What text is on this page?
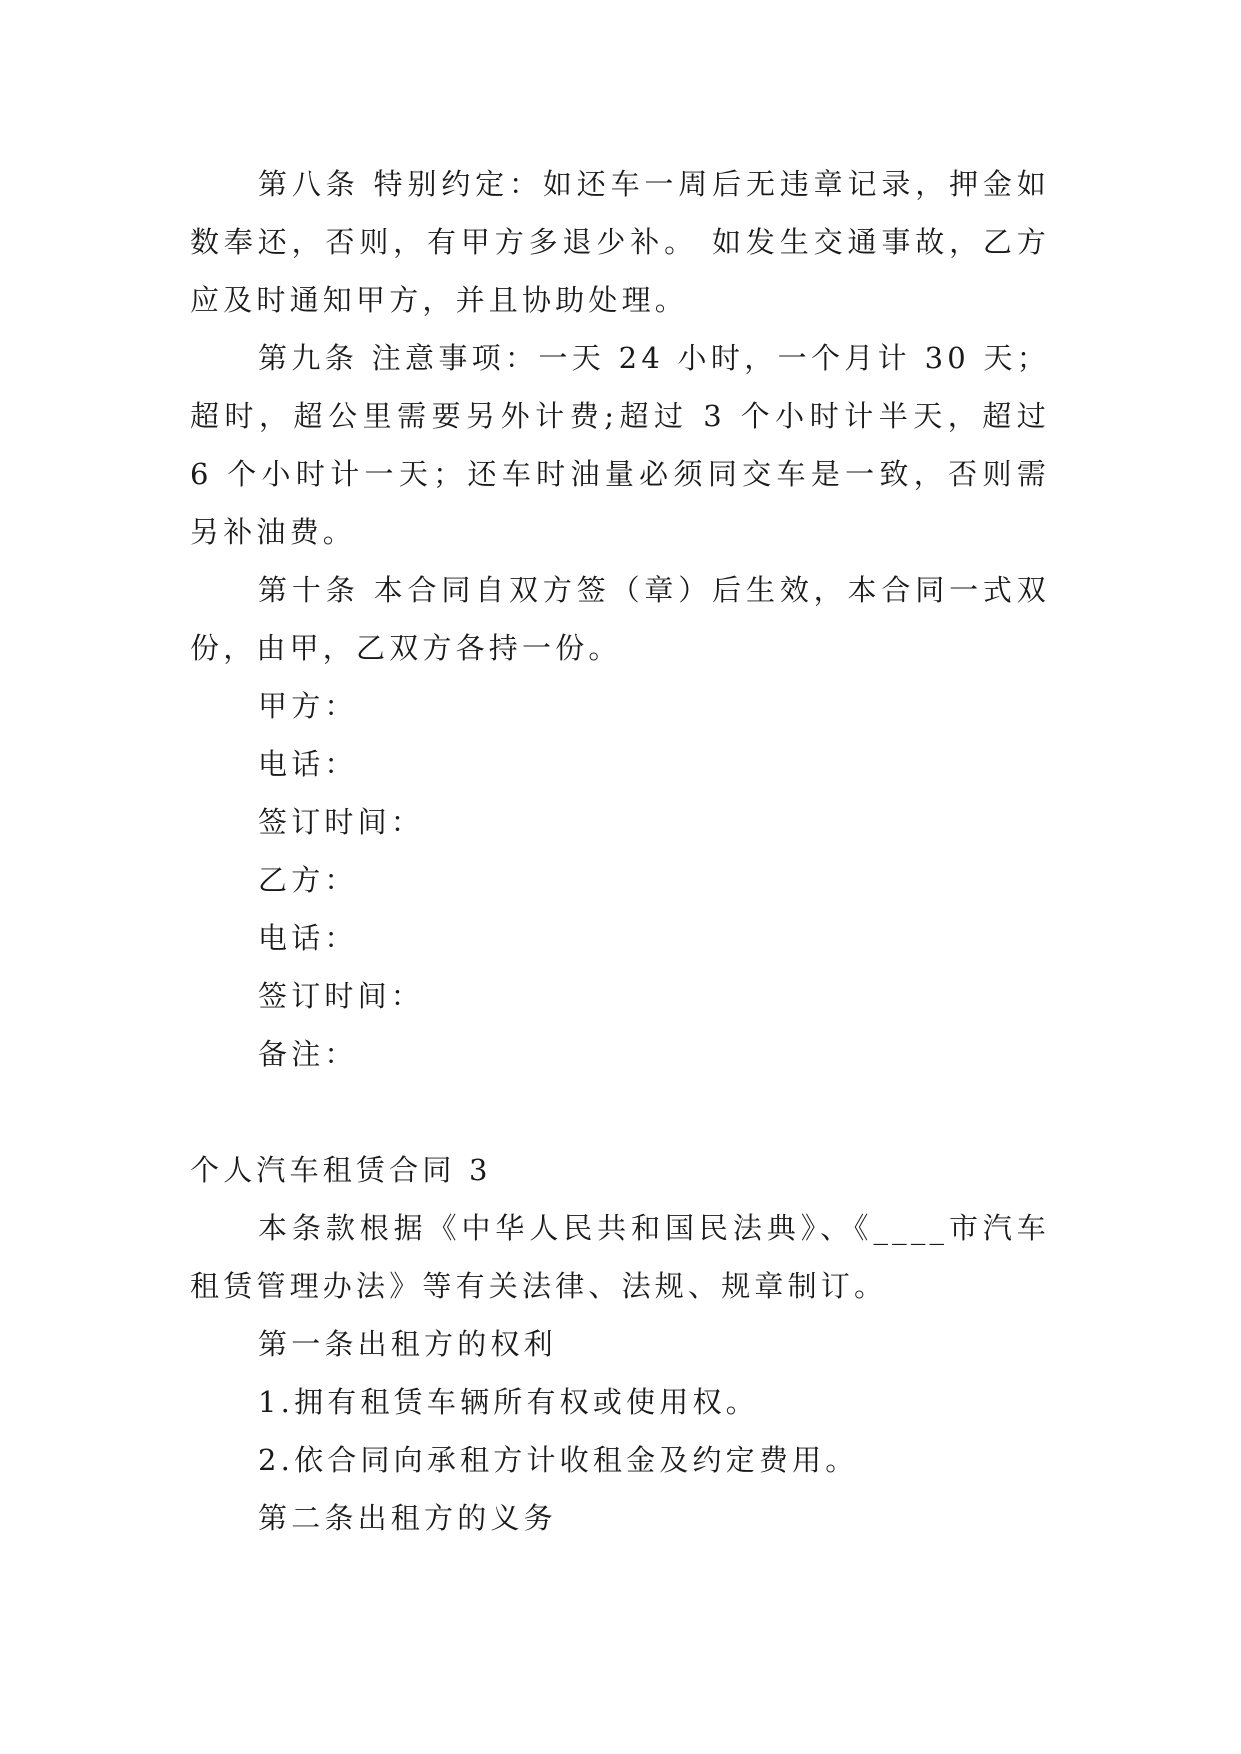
第八条 特别约定：如还车一周后无违章记录，押金如数奉还，否则，有甲方多退少补。 如发生交通事故，乙方应及时通知甲方，并且协助处理。

第九条 注意事项：一天 24 小时，一个月计 30 天；超时，超公里需要另外计费;超过 3 个小时计半天，超过 6 个小时计一天；还车时油量必须同交车是一致，否则需另补油费。

第十条 本合同自双方签（章）后生效，本合同一式双份，由甲，乙双方各持一份。

甲方：

电话：

签订时间：

乙方：

电话：

签订时间：

备注：

个人汽车租赁合同 3

本条款根据《中华人民共和国民法典》、《____市汽车租赁管理办法》等有关法律、法规、规章制订。

第一条出租方的权利

1.拥有租赁车辆所有权或使用权。

2.依合同向承租方计收租金及约定费用。

第二条出租方的义务
